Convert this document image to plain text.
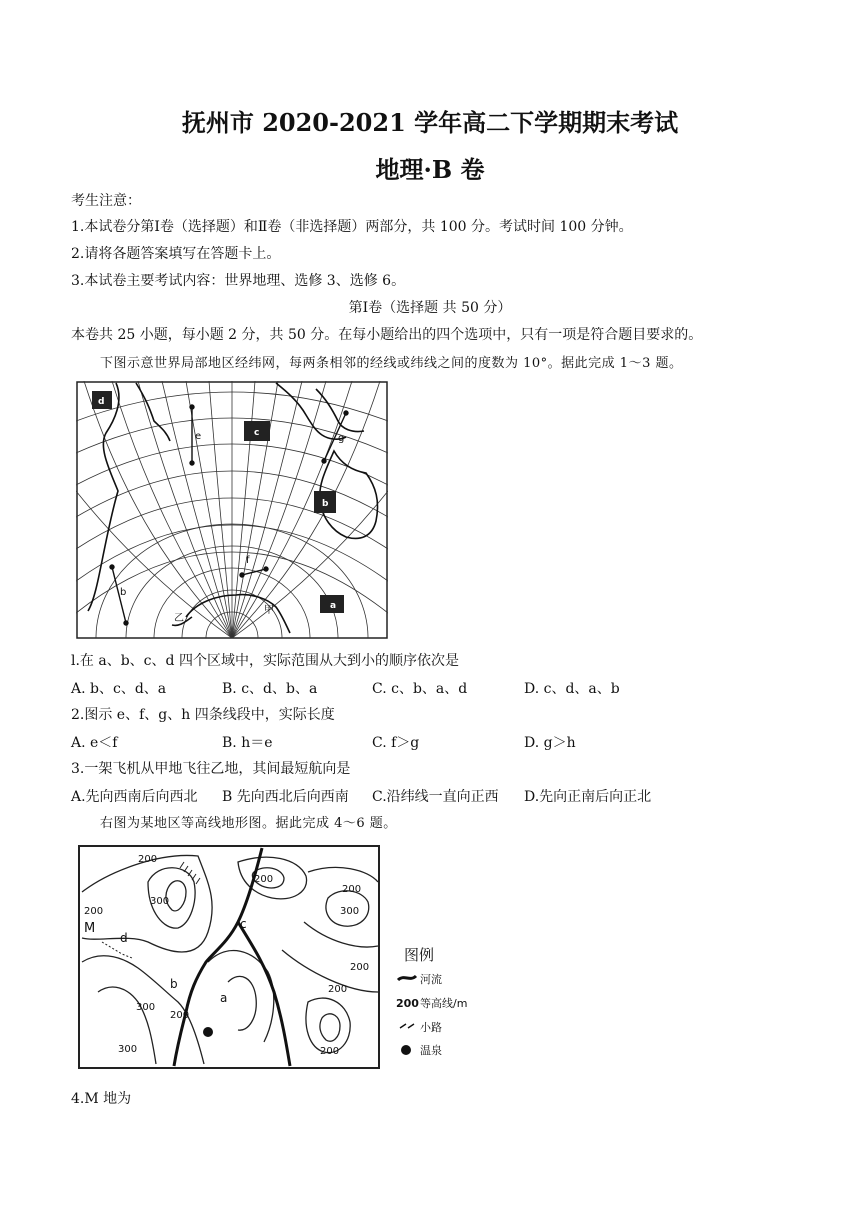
抚州市 2020-2021 学年高二下学期期末考试
地理·B 卷
考生注意：
1.本试卷分第Ⅰ卷（选择题）和Ⅱ卷（非选择题）两部分，共 100 分。考试时间 100 分钟。
2.请将各题答案填写在答题卡上。
3.本试卷主要考试内容：世界地理、选修 3、选修 6。
第Ⅰ卷（选择题 共 50 分）
本卷共 25 小题，每小题 2 分，共 50 分。在每小题给出的四个选项中，只有一项是符合题目要求的。
下图示意世界局部地区经纬网，每两条相邻的经线或纬线之间的度数为 10°。据此完成 1～3 题。
d
c
b
a
e
b
f
g
甲
乙
l.在 a、b、c、d 四个区域中，实际范围从大到小的顺序依次是
A. b、c、d、a	B. c、d、b、a	C. c、b、a、d	D. c、d、a、b
2.图示 e、f、g、h 四条线段中，实际长度
A. e＜f	B. h＝e	C. f＞g	D. g＞h
3.一架飞机从甲地飞往乙地，其间最短航向是
A.先向西南后向西北 B 先向西北后向西南 C.沿纬线一直向正西 D.先向正南后向正北
右图为某地区等高线地形图。据此完成 4～6 题。
M
d
b
a
c
200
300
200
300
300
200
200
300
200
200
200
200
图例
河流
200 等高线/m
小路
温泉
4.M 地为
